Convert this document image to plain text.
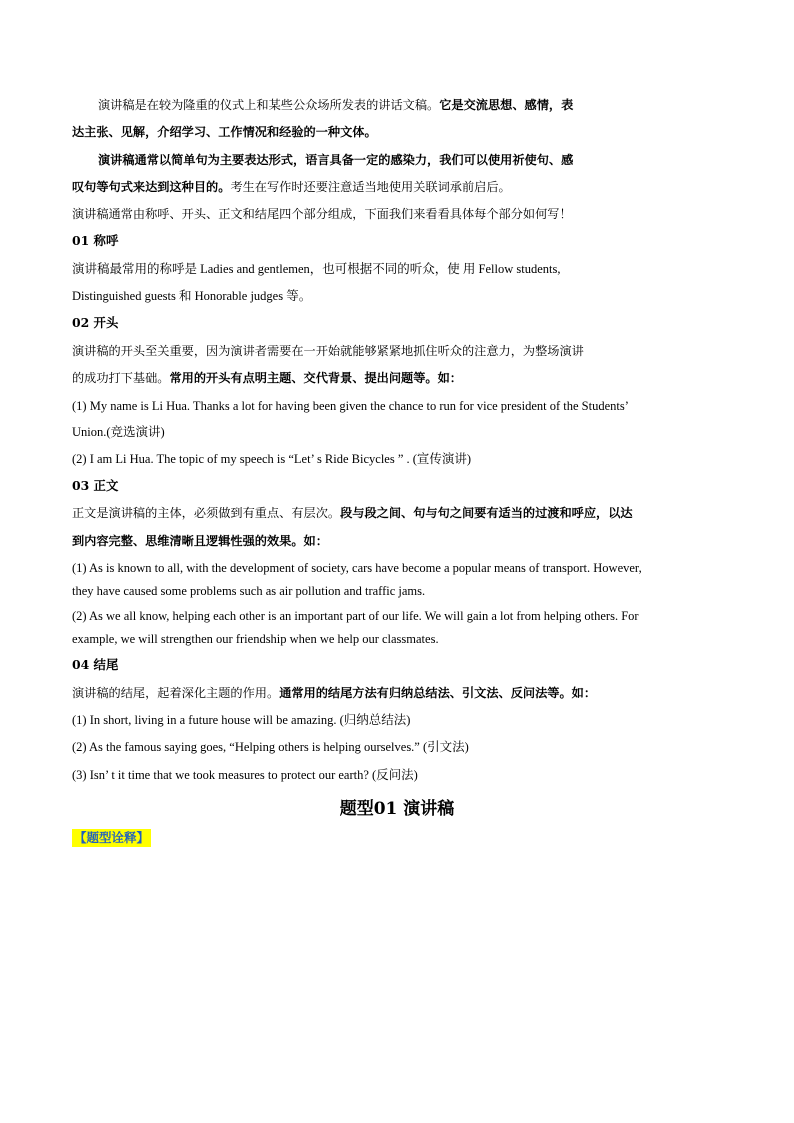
演讲稿是在较为隆重的仪式上和某些公众场所发表的讲话文稿。它是交流思想、感情，表
达主张、见解，介绍学习、工作情况和经验的一种文体。
演讲稿通常以简单句为主要表达形式，语言具备一定的感染力，我们可以使用祈使句、感
叹句等句式来达到这种目的。考生在写作时还要注意适当地使用关联词承前启后。
演讲稿通常由称呼、开头、正文和结尾四个部分组成，下面我们来看看具体每个部分如何写！
01 称呼
演讲稿最常用的称呼是 Ladies and gentlemen，也可根据不同的听众，使 用 Fellow students,
Distinguished guests 和 Honorable judges 等。
02 开头
演讲稿的开头至关重要，因为演讲者需要在一开始就能够紧紧地抓住听众的注意力，为整场演讲
的成功打下基础。常用的开头有点明主题、交代背景、提出问题等。如：
(1) My name is Li Hua. Thanks a lot for having been given the chance to run for vice president of the Students’
Union.(竞选演讲)
(2) I am Li Hua. The topic of my speech is “Let’ s Ride Bicycles ” . (宣传演讲)
03 正文
正文是演讲稿的主体，必须做到有重点、有层次。段与段之间、句与句之间要有适当的过渡和呼应，以达
到内容完整、思维清晰且逻辑性强的效果。如：
(1) As is known to all, with the development of society, cars have become a popular means of transport. However,
they have caused some problems such as air pollution and traffic jams.
(2) As we all know, helping each other is an important part of our life. We will gain a lot from helping others. For
example, we will strengthen our friendship when we help our classmates.
04 结尾
演讲稿的结尾，起着深化主题的作用。通常用的结尾方法有归纳总结法、引文法、反问法等。如：
(1) In short, living in a future house will be amazing. (归纳总结法)
(2) As the famous saying goes, “Helping others is helping ourselves.” (引文法)
(3) Isn’ t it time that we took measures to protect our earth? (反问法)
题型01 演讲稿
【题型诠释】
